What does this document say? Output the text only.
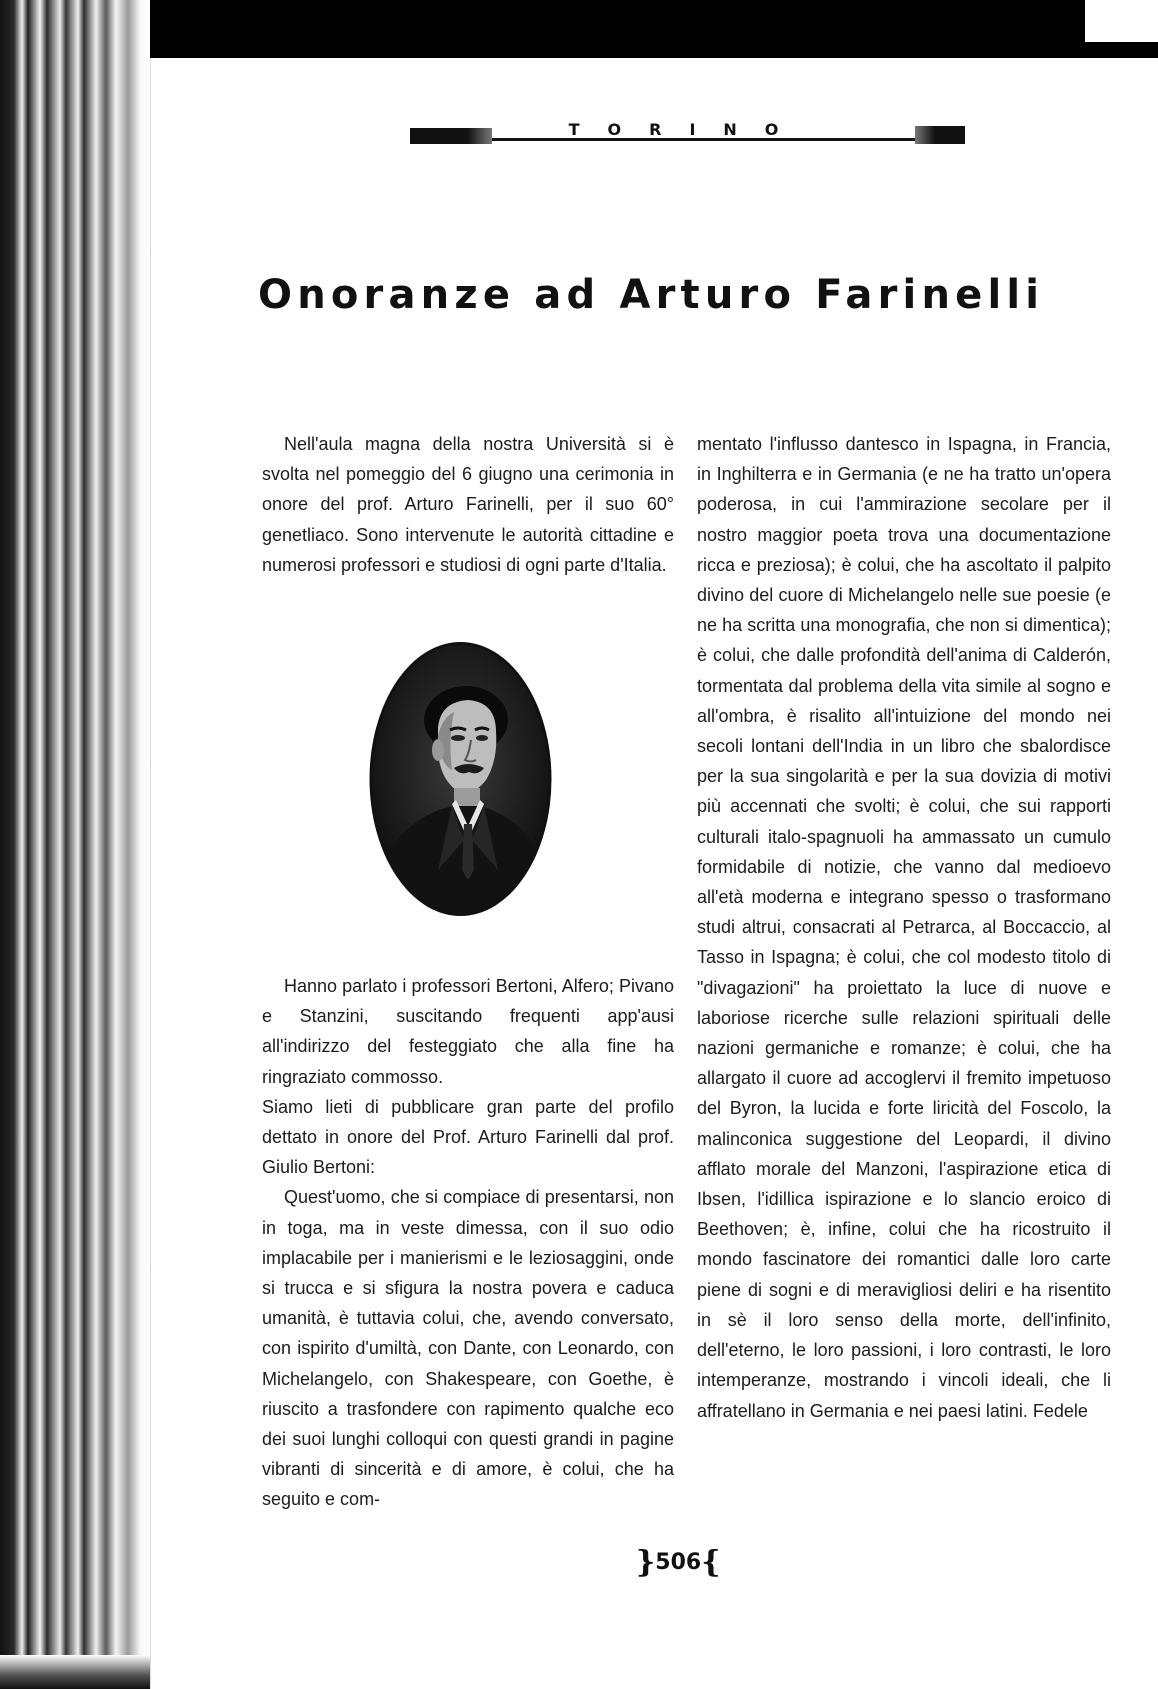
TORINO
Onoranze ad Arturo Farinelli

Nell'aula magna della nostra Università si è svolta nel pomeggio del 6 giugno una cerimonia in onore del prof. Arturo Farinelli, per il suo 60° genetliaco. Sono intervenute le autorità cittadine e numerosi professori e studiosi di ogni parte d'Italia.

Hanno parlato i professori Bertoni, Alfero; Pivano e Stanzini, suscitando frequenti app'ausi all'indirizzo del festeggiato che alla fine ha ringraziato commosso.

Siamo lieti di pubblicare gran parte del profilo dettato in onore del Prof. Arturo Farinelli dal prof. Giulio Bertoni:

Quest'uomo, che si compiace di presentarsi, non in toga, ma in veste dimessa, con il suo odio implacabile per i manierismi e le leziosaggini, onde si trucca e si sfigura la nostra povera e caduca umanità, è tuttavia colui, che, avendo conversato, con ispirito d'umiltà, con Dante, con Leonardo, con Michelangelo, con Shakespeare, con Goethe, è riuscito a trasfondere con rapimento qualche eco dei suoi lunghi colloqui con questi grandi in pagine vibranti di sincerità e di amore, è colui, che ha seguito e com-

mentato l'influsso dantesco in Ispagna, in Francia, in Inghilterra e in Germania (e ne ha tratto un'opera poderosa, in cui l'ammirazione secolare per il nostro maggior poeta trova una documentazione ricca e preziosa); è colui, che ha ascoltato il palpito divino del cuore di Michelangelo nelle sue poesie (e ne ha scritta una monografia, che non si dimentica); è colui, che dalle profondità dell'anima di Calderón, tormentata dal problema della vita simile al sogno e all'ombra, è risalito all'intuizione del mondo nei secoli lontani dell'India in un libro che sbalordisce per la sua singolarità e per la sua dovizia di motivi più accennati che svolti; è colui, che sui rapporti culturali italo-spagnuoli ha ammassato un cumulo formidabile di notizie, che vanno dal medioevo all'età moderna e integrano spesso o trasformano studi altrui, consacrati al Petrarca, al Boccaccio, al Tasso in Ispagna; è colui, che col modesto titolo di "divagazioni" ha proiettato la luce di nuove e laboriose ricerche sulle relazioni spirituali delle nazioni germaniche e romanze; è colui, che ha allargato il cuore ad accoglervi il fremito impetuoso del Byron, la lucida e forte liricità del Foscolo, la malinconica suggestione del Leopardi, il divino afflato morale del Manzoni, l'aspirazione etica di Ibsen, l'idillica ispirazione e lo slancio eroico di Beethoven; è, infine, colui che ha ricostruito il mondo fascinatore dei romantici dalle loro carte piene di sogni e di meravigliosi deliri e ha risentito in sè il loro senso della morte, dell'infinito, dell'eterno, le loro passioni, i loro contrasti, le loro intemperanze, mostrando i vincoli ideali, che li affratellano in Germania e nei paesi latini. Fedele

}506{
